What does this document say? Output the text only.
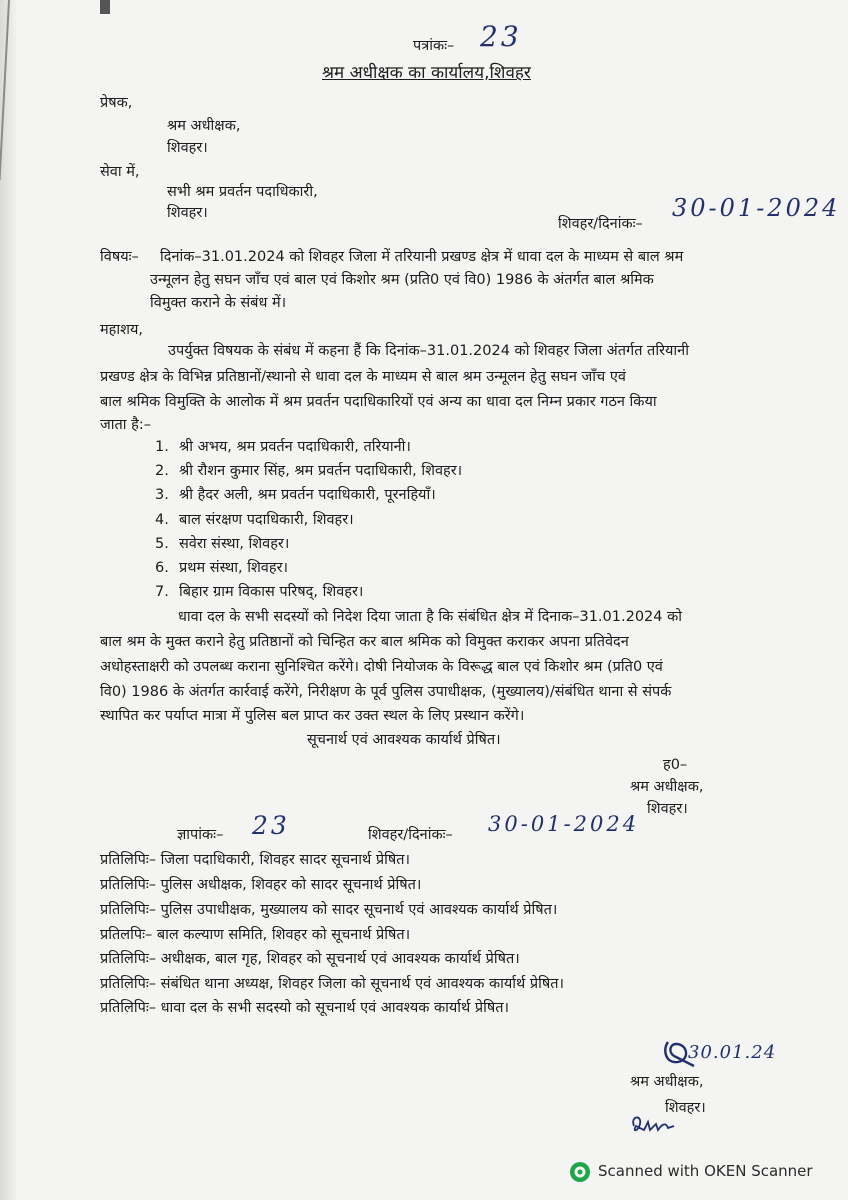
पत्रांकः– 23
श्रम अधीक्षक का कार्यालय,शिवहर
प्रेषक,
श्रम अधीक्षक,
शिवहर।
सेवा में,
सभी श्रम प्रवर्तन पदाधिकारी,
शिवहर।
शिवहर/दिनांकः–
30-01-2024
विषयः– दिनांक–31.01.2024 को शिवहर जिला में तरियानी प्रखण्ड क्षेत्र में धावा दल के माध्यम से बाल श्रम
उन्मूलन हेतु सघन जाँच एवं बाल एवं किशोर श्रम (प्रति0 एवं वि0) 1986 के अंतर्गत बाल श्रमिक
विमुक्त कराने के संबंध में।
महाशय,
उपर्युक्त विषयक के संबंध में कहना हैं कि दिनांक–31.01.2024 को शिवहर जिला अंतर्गत तरियानी
प्रखण्ड क्षेत्र के विभिन्न प्रतिष्ठानों/स्थानो से धावा दल के माध्यम से बाल श्रम उन्मूलन हेतु सघन जाँच एवं
बाल श्रमिक विमुक्ति के आलोक में श्रम प्रवर्तन पदाधिकारियों एवं अन्य का धावा दल निम्न प्रकार गठन किया
जाता है:–
1. श्री अभय, श्रम प्रवर्तन पदाधिकारी, तरियानी।
2. श्री रौशन कुमार सिंह, श्रम प्रवर्तन पदाधिकारी, शिवहर।
3. श्री हैदर अली, श्रम प्रवर्तन पदाधिकारी, पूरनहियाँ।
4. बाल संरक्षण पदाधिकारी, शिवहर।
5. सवेरा संस्था, शिवहर।
6. प्रथम संस्था, शिवहर।
7. बिहार ग्राम विकास परिषद्, शिवहर।
धावा दल के सभी सदस्यों को निदेश दिया जाता है कि संबंधित क्षेत्र में दिनाक–31.01.2024 को
बाल श्रम के मुक्त कराने हेतु प्रतिष्ठानों को चिन्हित कर बाल श्रमिक को विमुक्त कराकर अपना प्रतिवेदन
अधोहस्ताक्षरी को उपलब्ध कराना सुनिश्चित करेंगे। दोषी नियोजक के विरूद्ध बाल एवं किशोर श्रम (प्रति0 एवं
वि0) 1986 के अंतर्गत कार्रवाई करेंगे, निरीक्षण के पूर्व पुलिस उपाधीक्षक, (मुख्यालय)/संबंधित थाना से संपर्क
स्थापित कर पर्याप्त मात्रा में पुलिस बल प्राप्त कर उक्त स्थल के लिए प्रस्थान करेंगे।
सूचनार्थ एवं आवश्यक कार्यार्थ प्रेषित।
ह0–
श्रम अधीक्षक,
शिवहर।
ज्ञापांकः– 23	शिवहर/दिनांकः– 30-01-2024
प्रतिलिपिः– जिला पदाधिकारी, शिवहर सादर सूचनार्थ प्रेषित।
प्रतिलिपिः– पुलिस अधीक्षक, शिवहर को सादर सूचनार्थ प्रेषित।
प्रतिलिपिः– पुलिस उपाधीक्षक, मुख्यालय को सादर सूचनार्थ एवं आवश्यक कार्यार्थ प्रेषित।
प्रतिलपिः– बाल कल्याण समिति, शिवहर को सूचनार्थ प्रेषित।
प्रतिलिपिः– अधीक्षक, बाल गृह, शिवहर को सूचनार्थ एवं आवश्यक कार्यार्थ प्रेषित।
प्रतिलिपिः– संबंधित थाना अध्यक्ष, शिवहर जिला को सूचनार्थ एवं आवश्यक कार्यार्थ प्रेषित।
प्रतिलिपिः– धावा दल के सभी सदस्यो को सूचनार्थ एवं आवश्यक कार्यार्थ प्रेषित।
30.01.24
श्रम अधीक्षक,
शिवहर।
Scanned with OKEN Scanner
